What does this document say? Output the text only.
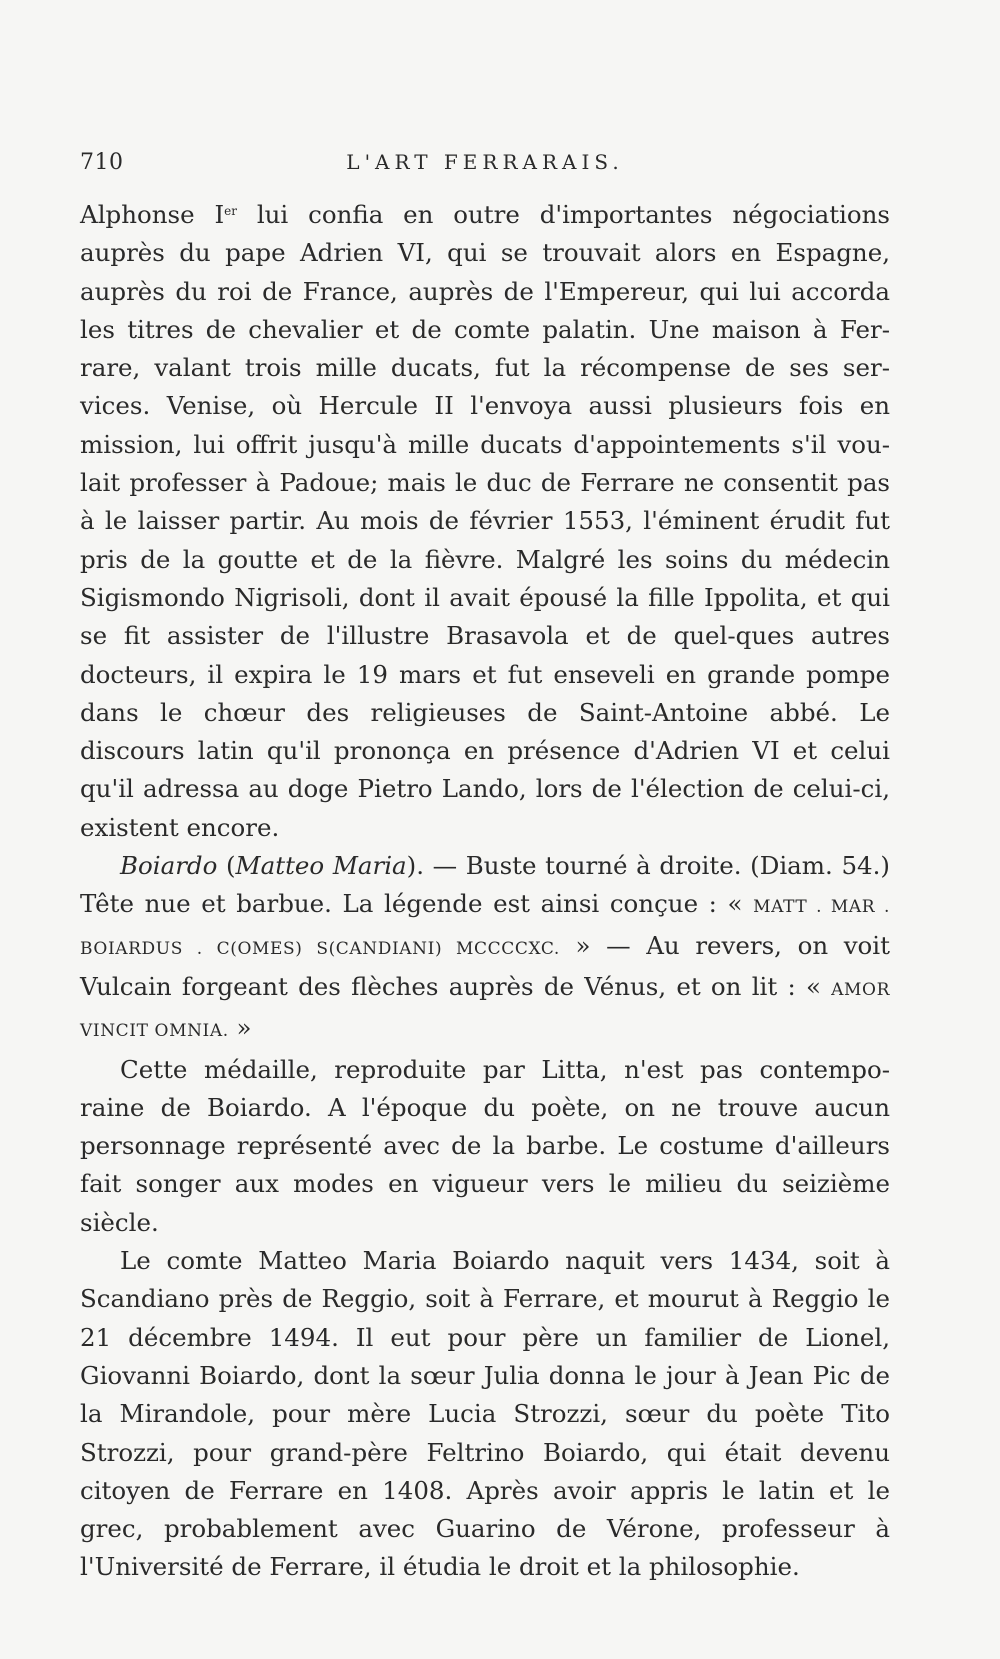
710	L'ART FERRARAIS.

Alphonse Ier lui confia en outre d'importantes négociations auprès du pape Adrien VI, qui se trouvait alors en Espagne, auprès du roi de France, auprès de l'Empereur, qui lui accorda les titres de chevalier et de comte palatin. Une maison à Fer-rare, valant trois mille ducats, fut la récompense de ses ser-vices. Venise, où Hercule II l'envoya aussi plusieurs fois en mission, lui offrit jusqu'à mille ducats d'appointements s'il vou-lait professer à Padoue; mais le duc de Ferrare ne consentit pas à le laisser partir. Au mois de février 1553, l'éminent érudit fut pris de la goutte et de la fièvre. Malgré les soins du médecin Sigismondo Nigrisoli, dont il avait épousé la fille Ippolita, et qui se fit assister de l'illustre Brasavola et de quel-ques autres docteurs, il expira le 19 mars et fut enseveli en grande pompe dans le chœur des religieuses de Saint-Antoine abbé. Le discours latin qu'il prononça en présence d'Adrien VI et celui qu'il adressa au doge Pietro Lando, lors de l'élection de celui-ci, existent encore.

Boiardo (Matteo Maria). — Buste tourné à droite. (Diam. 54.) Tête nue et barbue. La légende est ainsi conçue : « MATT . MAR . BOIARDUS . C(OMES) S(CANDIANI) MCCCCXC. » — Au revers, on voit Vulcain forgeant des flèches auprès de Vénus, et on lit : « AMOR VINCIT OMNIA. »

Cette médaille, reproduite par Litta, n'est pas contempo-raine de Boiardo. A l'époque du poète, on ne trouve aucun personnage représenté avec de la barbe. Le costume d'ailleurs fait songer aux modes en vigueur vers le milieu du seizième siècle.

Le comte Matteo Maria Boiardo naquit vers 1434, soit à Scandiano près de Reggio, soit à Ferrare, et mourut à Reggio le 21 décembre 1494. Il eut pour père un familier de Lionel, Giovanni Boiardo, dont la sœur Julia donna le jour à Jean Pic de la Mirandole, pour mère Lucia Strozzi, sœur du poète Tito Strozzi, pour grand-père Feltrino Boiardo, qui était devenu citoyen de Ferrare en 1408. Après avoir appris le latin et le grec, probablement avec Guarino de Vérone, professeur à l'Université de Ferrare, il étudia le droit et la philosophie.
